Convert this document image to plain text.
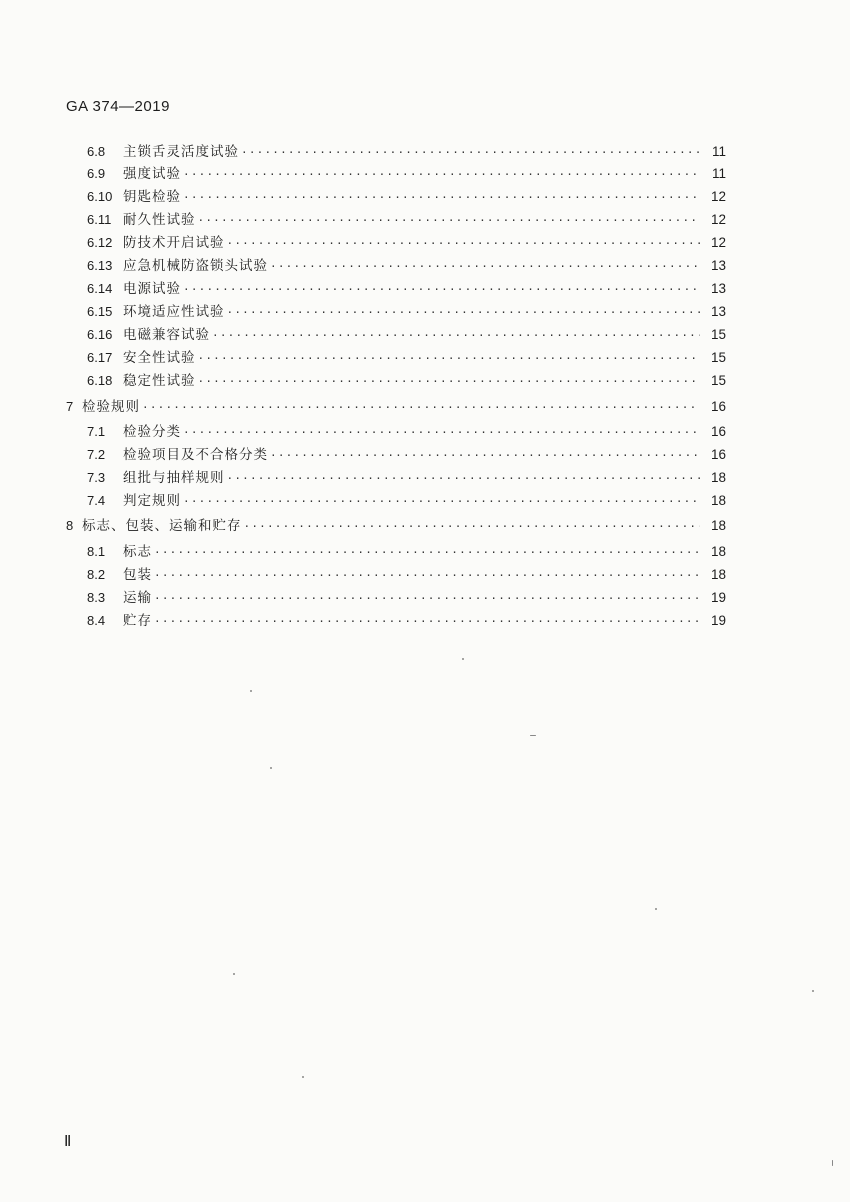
GA 374—2019
6.8	主锁舌灵活度试验 ·····	11
6.9	强度试验 ·····	11
6.10 钥匙检验 ·····	12
6.11 耐久性试验 ·····	12
6.12 防技术开启试验 ·····	12
6.13 应急机械防盗锁头试验 ·····	13
6.14 电源试验 ·····	13
6.15 环境适应性试验 ·····	13
6.16 电磁兼容试验 ·····	15
6.17 安全性试验 ·····	15
6.18 稳定性试验 ·····	15
7 检验规则 ·····	16
7.1	检验分类 ·····	16
7.2	检验项目及不合格分类 ·····	16
7.3	组批与抽样规则 ·····	18
7.4	判定规则 ·····	18
8 标志、包装、运输和贮存 ·····	18
8.1	标志 ·····	18
8.2	包装 ·····	18
8.3	运输 ·····	19
8.4	贮存 ·····	19
Ⅱ
